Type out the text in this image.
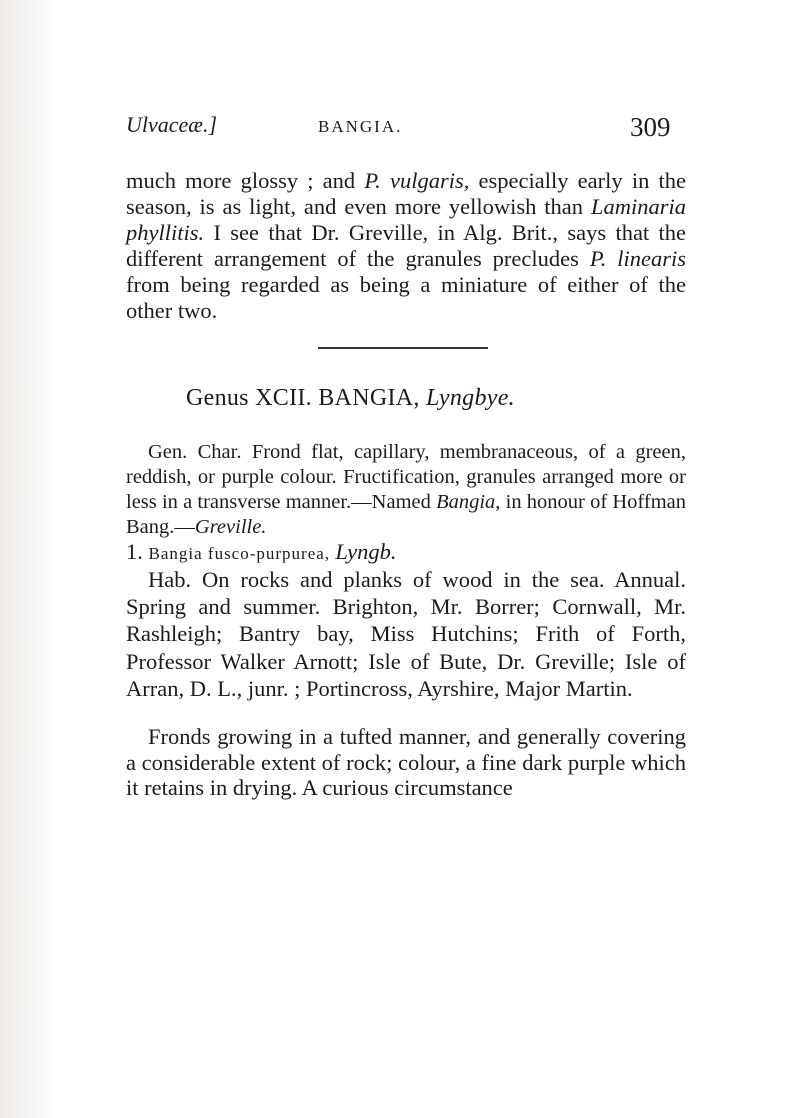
Ulvaceæ.]	BANGIA.	309

much more glossy ; and P. vulgaris, especially early in the season, is as light, and even more yellowish than Laminaria phyllitis. I see that Dr. Greville, in Alg. Brit., says that the different arrangement of the granules precludes P. linearis from being regarded as being a miniature of either of the other two.

Genus XCII. BANGIA, Lyngbye.

Gen. Char. Frond flat, capillary, membranaceous, of a green, reddish, or purple colour. Fructification, granules arranged more or less in a transverse manner.—Named Bangia, in honour of Hoffman Bang.—Greville.

1. Bangia fusco-purpurea, Lyngb.

Hab. On rocks and planks of wood in the sea. Annual. Spring and summer. Brighton, Mr. Borrer; Cornwall, Mr. Rashleigh; Bantry bay, Miss Hutchins; Frith of Forth, Professor Walker Arnott; Isle of Bute, Dr. Greville; Isle of Arran, D. L., junr. ; Portincross, Ayrshire, Major Martin.

Fronds growing in a tufted manner, and generally covering a considerable extent of rock; colour, a fine dark purple which it retains in drying. A curious circumstance
